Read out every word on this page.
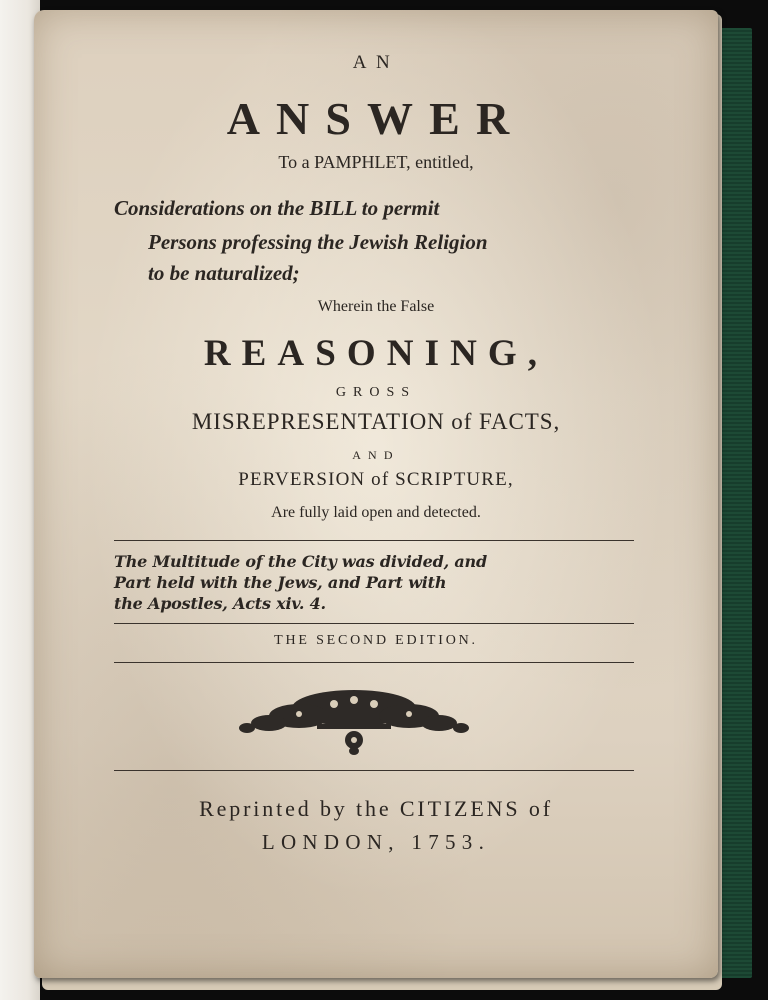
AN
ANSWER
To a PAMPHLET, entitled,
Considerations on the BILL to permit
Persons professing the Jewish Religion
to be naturalized;
Wherein the False
REASONING,
GROSS
MISREPRESENTATION of FACTS,
AND
PERVERSION of SCRIPTURE,
Are fully laid open and detected.
The Multitude of the City was divided, and
Part held with the Jews, and Part with
the Apostles, Acts xiv. 4.
THE SECOND EDITION.
Reprinted by the CITIZENS of
LONDON, 1753.
